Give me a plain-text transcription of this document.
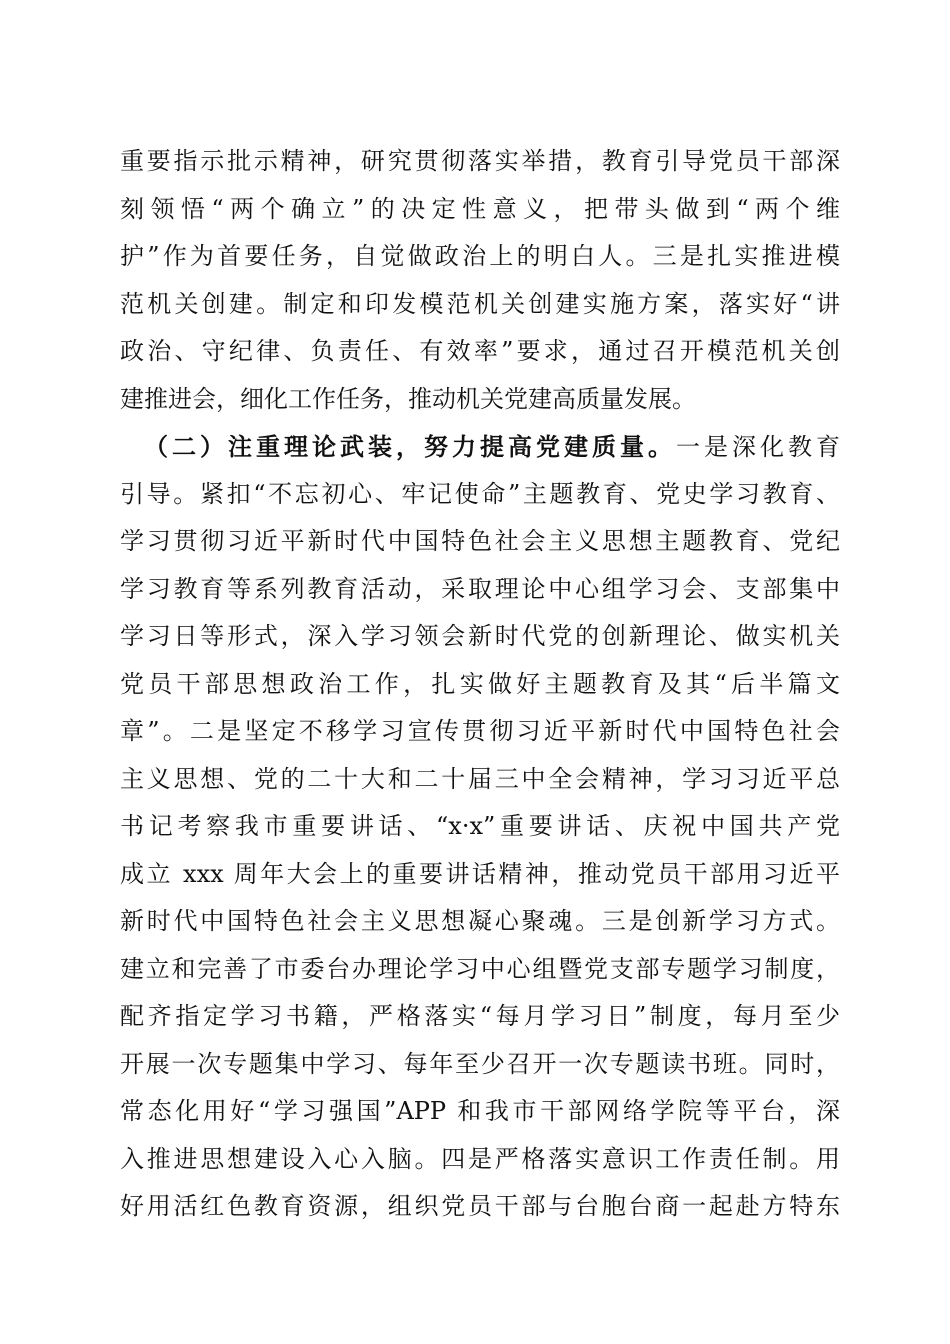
重要指示批示精神，研究贯彻落实举措，教育引导党员干部深
刻领悟“两个确立”的决定性意义，把带头做到“两个维
护”作为首要任务，自觉做政治上的明白人。三是扎实推进模
范机关创建。制定和印发模范机关创建实施方案，落实好“讲
政治、守纪律、负责任、有效率”要求，通过召开模范机关创
建推进会，细化工作任务，推动机关党建高质量发展。
（二）注重理论武装，努力提高党建质量。一是深化教育
引导。紧扣“不忘初心、牢记使命”主题教育、党史学习教育、
学习贯彻习近平新时代中国特色社会主义思想主题教育、党纪
学习教育等系列教育活动，采取理论中心组学习会、支部集中
学习日等形式，深入学习领会新时代党的创新理论、做实机关
党员干部思想政治工作，扎实做好主题教育及其“后半篇文
章”。二是坚定不移学习宣传贯彻习近平新时代中国特色社会
主义思想、党的二十大和二十届三中全会精神，学习习近平总
书记考察我市重要讲话、“x·x”重要讲话、庆祝中国共产党
成立 xxx 周年大会上的重要讲话精神，推动党员干部用习近平
新时代中国特色社会主义思想凝心聚魂。三是创新学习方式。
建立和完善了市委台办理论学习中心组暨党支部专题学习制度，
配齐指定学习书籍，严格落实“每月学习日”制度，每月至少
开展一次专题集中学习、每年至少召开一次专题读书班。同时，
常态化用好“学习强国”APP 和我市干部网络学院等平台，深
入推进思想建设入心入脑。四是严格落实意识工作责任制。用
好用活红色教育资源，组织党员干部与台胞台商一起赴方特东
